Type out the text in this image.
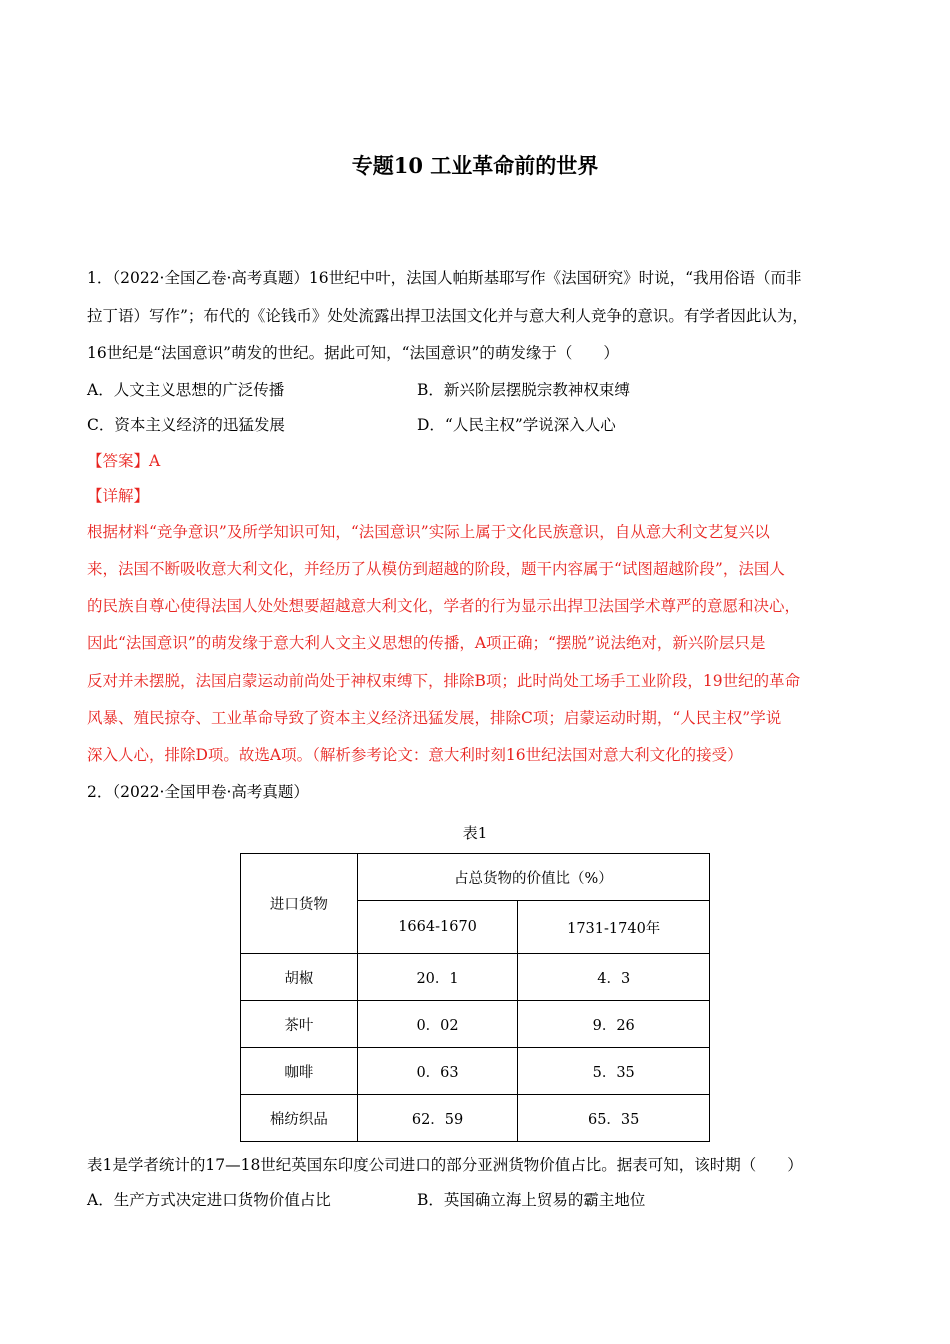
专题10 工业革命前的世界
1．（2022·全国乙卷·高考真题）16世纪中叶，法国人帕斯基耶写作《法国研究》时说，“我用俗语（而非
拉丁语）写作”；布代的《论钱币》处处流露出捍卫法国文化并与意大利人竞争的意识。有学者因此认为，
16世纪是“法国意识”萌发的世纪。据此可知，“法国意识”的萌发缘于（　　）
A．人文主义思想的广泛传播	B．新兴阶层摆脱宗教神权束缚
C．资本主义经济的迅猛发展	D．“人民主权”学说深入人心
【答案】A
【详解】
根据材料“竞争意识”及所学知识可知，“法国意识”实际上属于文化民族意识，自从意大利文艺复兴以
来，法国不断吸收意大利文化，并经历了从模仿到超越的阶段，题干内容属于“试图超越阶段”，法国人
的民族自尊心使得法国人处处想要超越意大利文化，学者的行为显示出捍卫法国学术尊严的意愿和决心，
因此“法国意识”的萌发缘于意大利人文主义思想的传播，A项正确；“摆脱”说法绝对，新兴阶层只是
反对并未摆脱，法国启蒙运动前尚处于神权束缚下，排除B项；此时尚处工场手工业阶段，19世纪的革命
风暴、殖民掠夺、工业革命导致了资本主义经济迅猛发展，排除C项；启蒙运动时期，“人民主权”学说
深入人心，排除D项。故选A项。（解析参考论文：意大利时刻16世纪法国对意大利文化的接受）
2．（2022·全国甲卷·高考真题）
表1
进口货物	占总货物的价值比（%）	
	1664-1670	1731-1740年
胡椒	20．1	4．3
茶叶	0．02	9．26
咖啡	0．63	5．35
棉纺织品	62．59	65．35
表1是学者统计的17—18世纪英国东印度公司进口的部分亚洲货物价值占比。据表可知，该时期（　　）
A．生产方式决定进口货物价值占比	B．英国确立海上贸易的霸主地位
